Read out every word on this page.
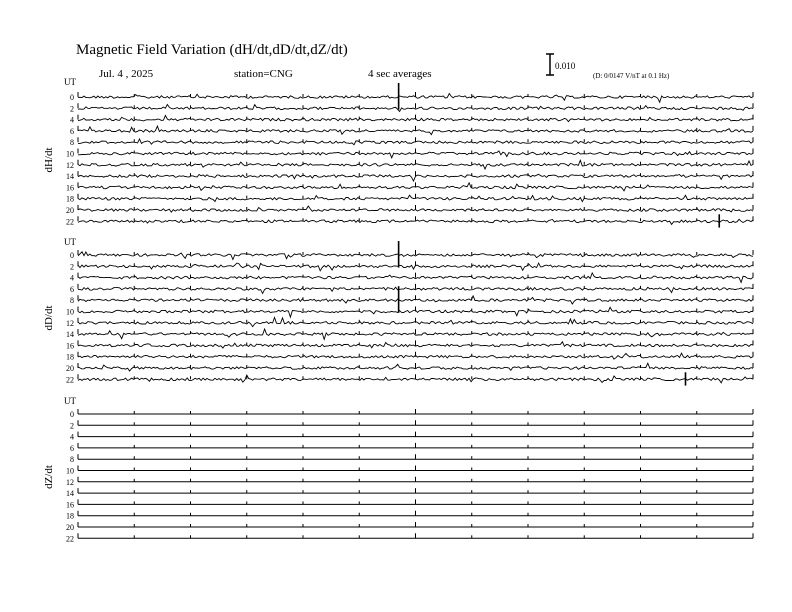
Magnetic Field Variation (dH/dt,dD/dt,dZ/dt)
Jul. 4 , 2025	station=CNG	4 sec averages
0.010
(D: 0/0147 V/nT at 0.1 Hz)
UT
dH/dt
0
2
4
6
8
10
12
14
16
18
20
22
UT
dD/dt
0
2
4
6
8
10
12
14
16
18
20
22
UT
dZ/dt
0
2
4
6
8
10
12
14
16
18
20
22
